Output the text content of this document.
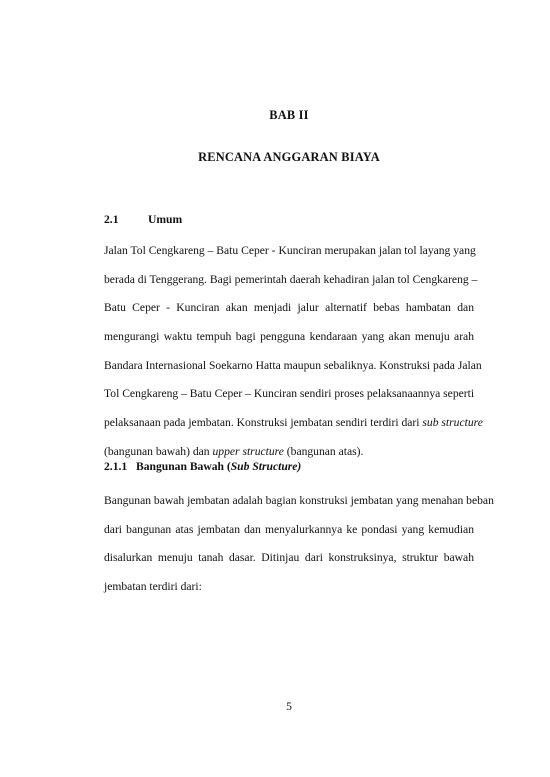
BAB II
RENCANA ANGGARAN BIAYA
2.1	Umum
Jalan Tol Cengkareng – Batu Ceper - Kunciran merupakan jalan tol layang yang
berada di Tenggerang. Bagi pemerintah daerah kehadiran jalan tol Cengkareng –
Batu Ceper - Kunciran akan menjadi jalur alternatif bebas hambatan dan
mengurangi waktu tempuh bagi pengguna kendaraan yang akan menuju arah
Bandara Internasional Soekarno Hatta maupun sebaliknya. Konstruksi pada Jalan
Tol Cengkareng – Batu Ceper – Kunciran sendiri proses pelaksanaannya seperti
pelaksanaan pada jembatan. Konstruksi jembatan sendiri terdiri dari sub structure
(bangunan bawah) dan upper structure (bangunan atas).
2.1.1 Bangunan Bawah (Sub Structure)
Bangunan bawah jembatan adalah bagian konstruksi jembatan yang menahan beban
dari bangunan atas jembatan dan menyalurkannya ke pondasi yang kemudian
disalurkan menuju tanah dasar. Ditinjau dari konstruksinya, struktur bawah
jembatan terdiri dari:
5
